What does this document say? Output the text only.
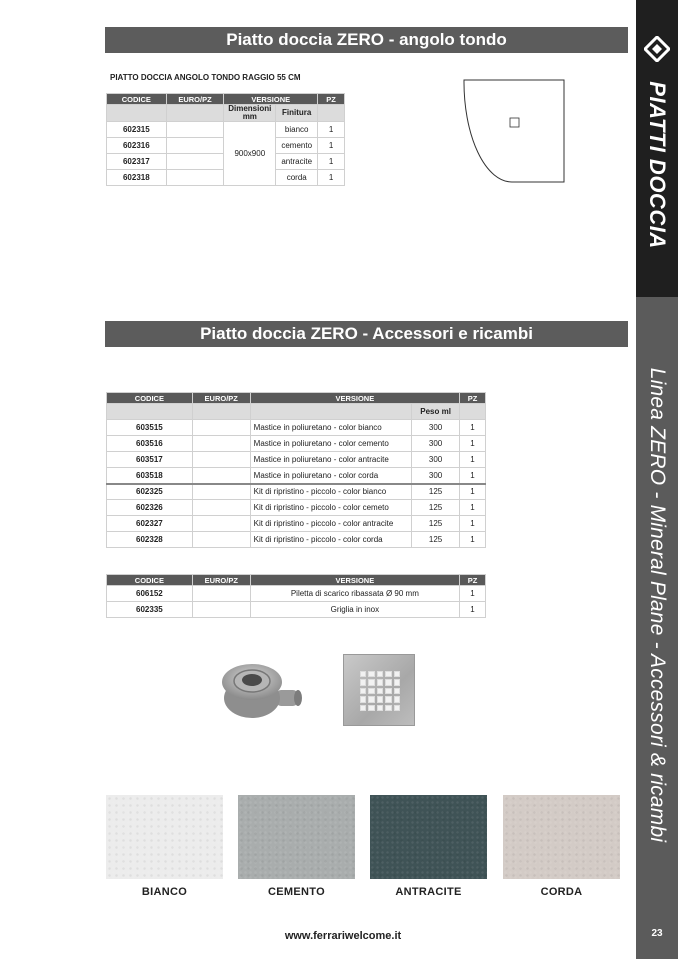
PIATTI DOCCIA
Linea ZERO - Mineral Plane - Accessori & ricambi
23
Piatto doccia ZERO - angolo tondo
PIATTO DOCCIA ANGOLO TONDO RAGGIO 55 CM
CODICE	EURO/PZ	VERSIONE		PZ
		Dimensioni mm	Finitura	
602315		900x900	bianco	1
602316			cemento	1
602317			antracite	1
602318			corda	1
Piatto doccia ZERO - Accessori e ricambi
CODICE	EURO/PZ	VERSIONE		PZ
			Peso ml	
603515		Mastice in poliuretano - color bianco	300	1
603516		Mastice in poliuretano - color cemento	300	1
603517		Mastice in poliuretano - color antracite	300	1
603518		Mastice in poliuretano - color corda	300	1
602325		Kit di ripristino - piccolo - color bianco	125	1
602326		Kit di ripristino - piccolo - color cemeto	125	1
602327		Kit di ripristino - piccolo - color antracite	125	1
602328		Kit di ripristino - piccolo - color corda	125	1
CODICE	EURO/PZ	VERSIONE	PZ
606152		Piletta di scarico ribassata Ø 90 mm	1
602335		Griglia in inox	1
BIANCO	CEMENTO	ANTRACITE	CORDA
www.ferrariwelcome.it
